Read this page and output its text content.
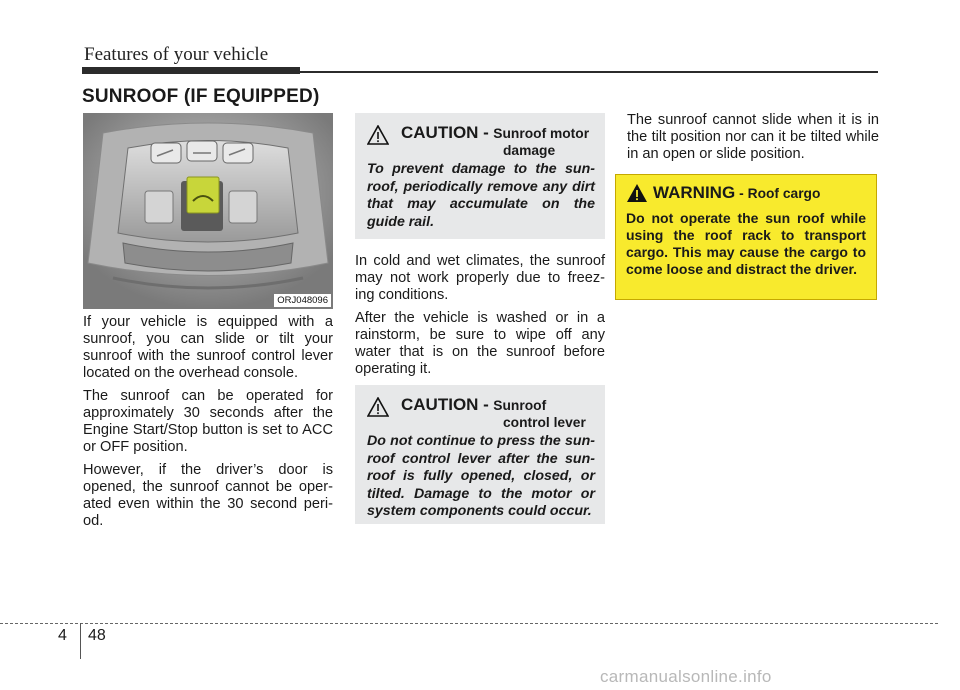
Features of your vehicle
SUNROOF (IF EQUIPPED)
ORJ048096

If your vehicle is equipped with a sunroof, you can slide or tilt your sunroof with the sunroof control lever located on the overhead console.

The sunroof can be operated for approximately 30 seconds after the Engine Start/Stop button is set to ACC or OFF position.

However, if the driver’s door is opened, the sunroof cannot be oper- ated even within the 30 second peri- od.

CAUTION - Sunroof motor
damage
To prevent damage to the sun- roof, periodically remove any dirt that may accumulate on the guide rail.

In cold and wet climates, the sunroof may not work properly due to freez- ing conditions.

After the vehicle is washed or in a rainstorm, be sure to wipe off any water that is on the sunroof before operating it.

CAUTION - Sunroof
control lever
Do not continue to press the sun- roof control lever after the sun- roof is fully opened, closed, or tilted. Damage to the motor or system components could occur.

The sunroof cannot slide when it is in the tilt position nor can it be tilted while in an open or slide position.

WARNING - Roof cargo
Do not operate the sun roof while using the roof rack to transport cargo. This may cause the cargo to come loose and distract the driver.
4 48
carmanualsonline.info
